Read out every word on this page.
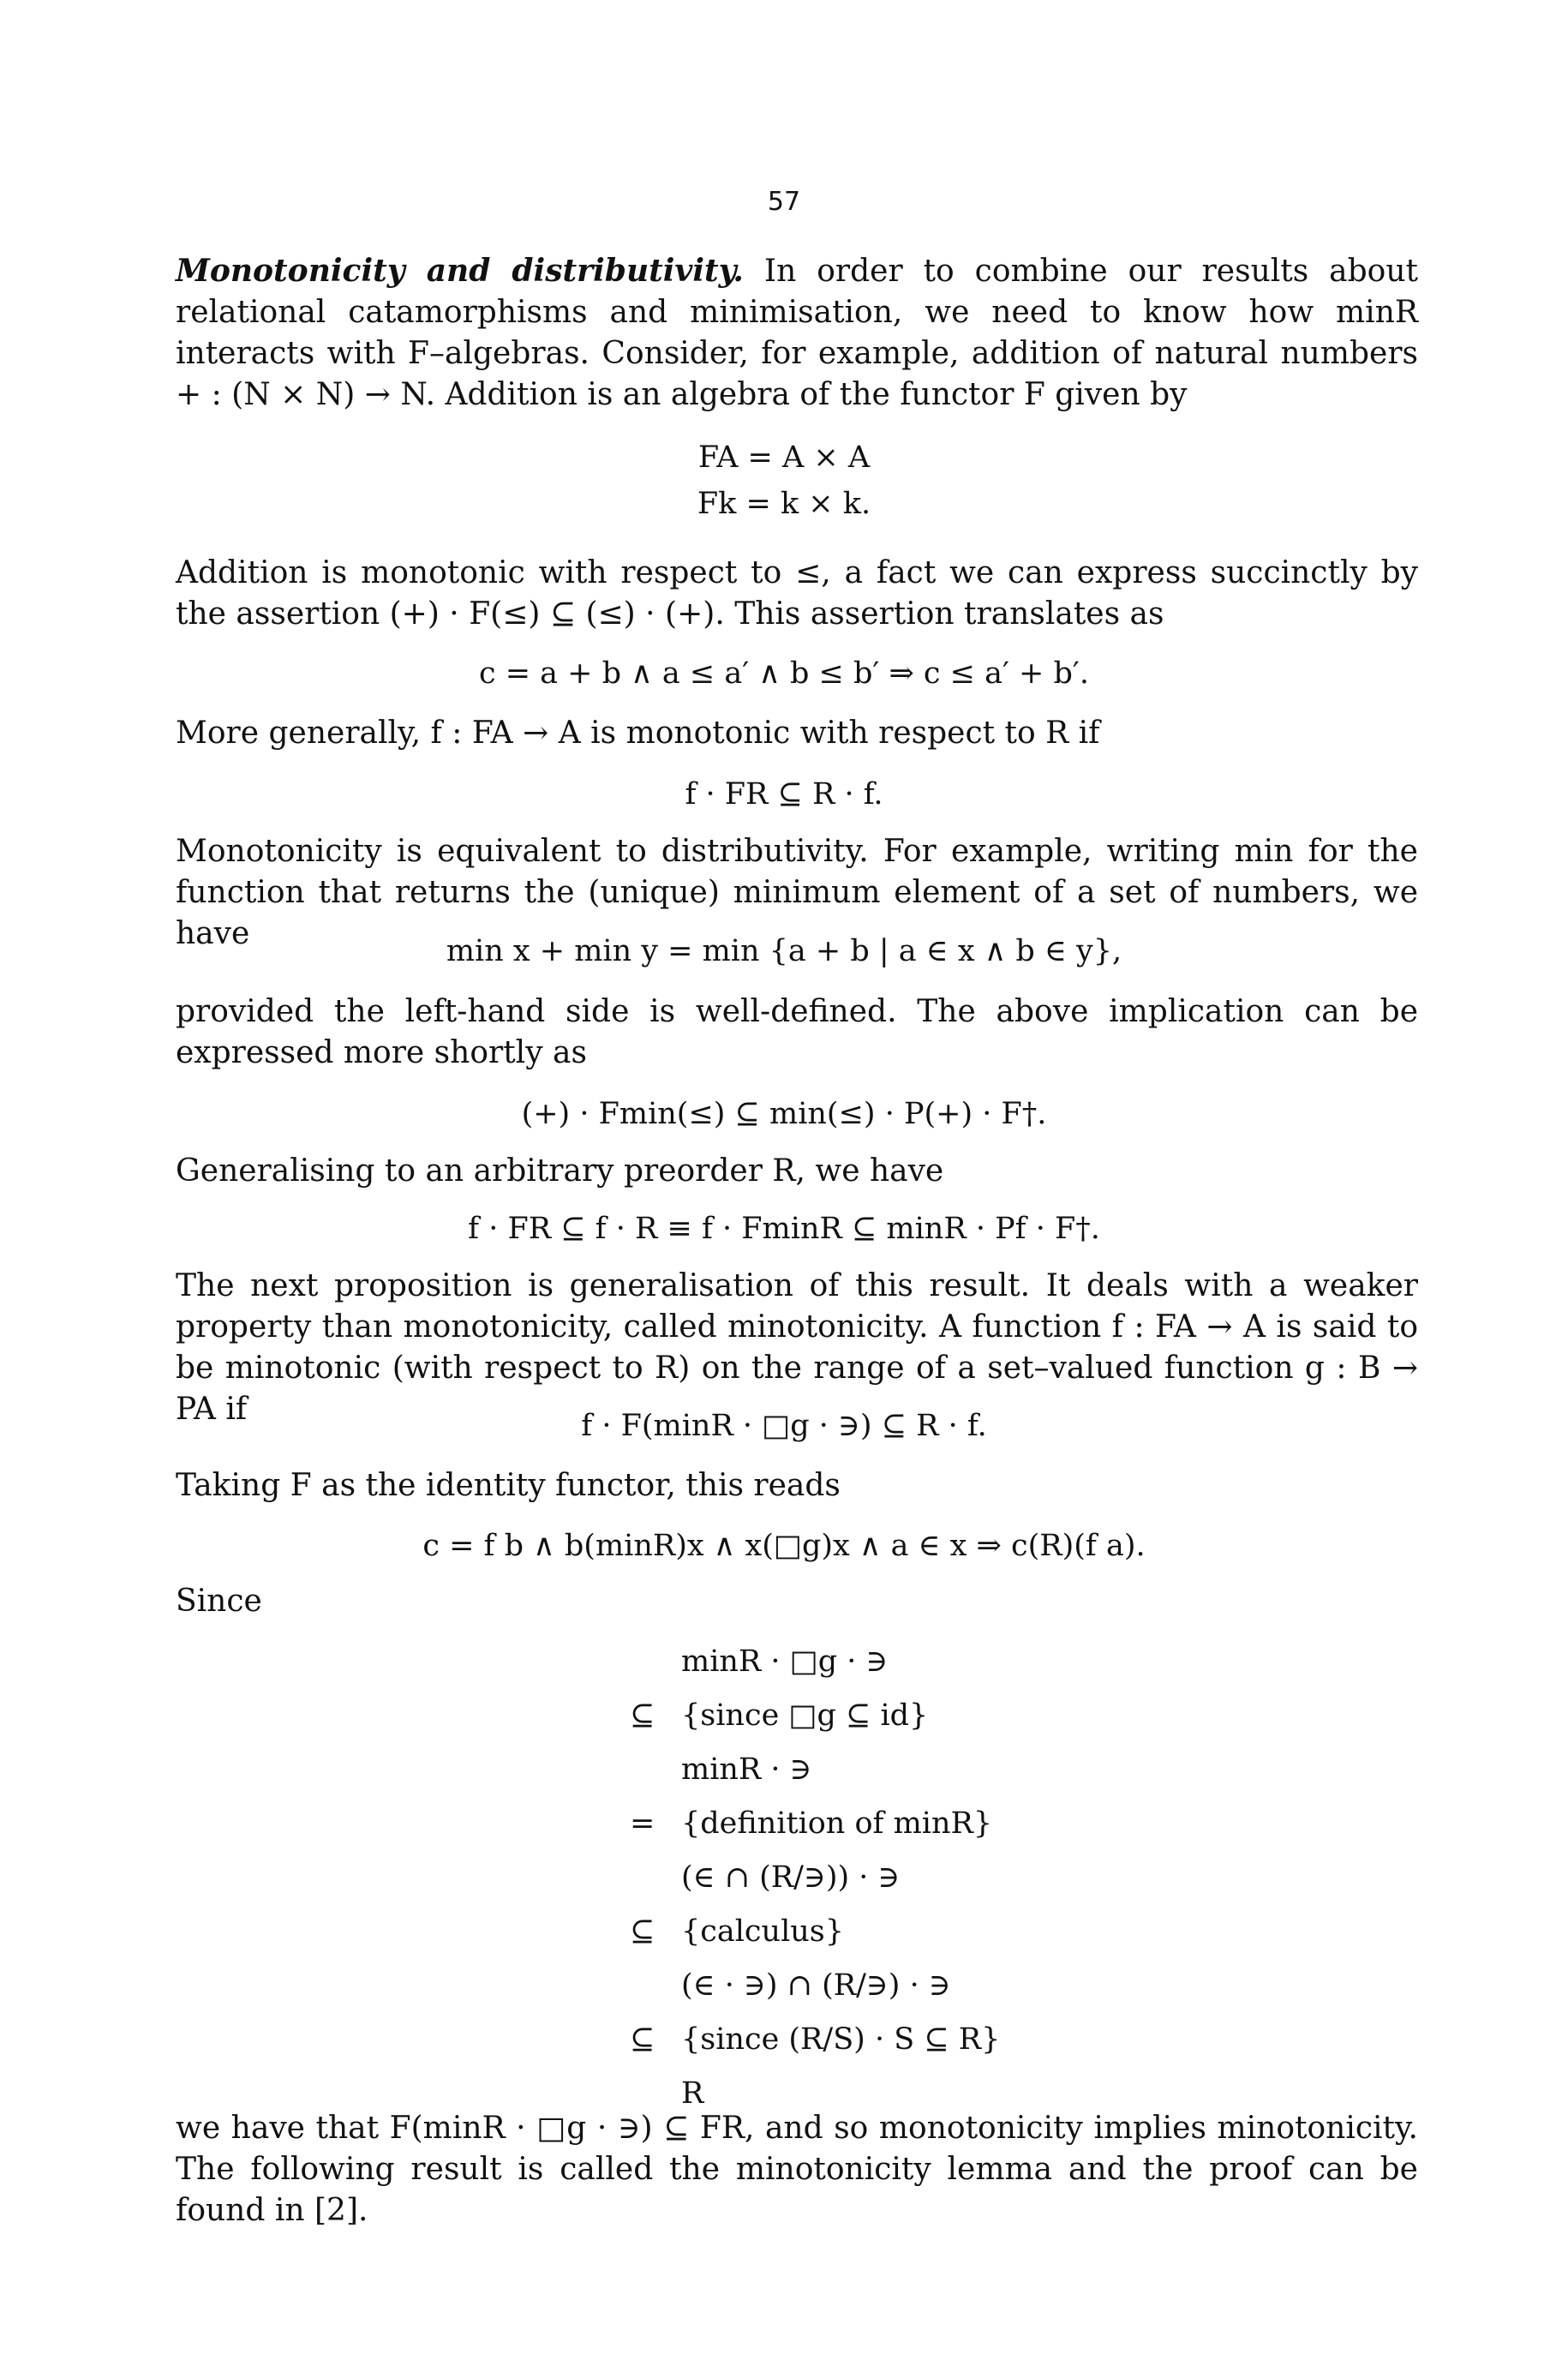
57
Monotonicity and distributivity. In order to combine our results about relational catamorphisms and minimisation, we need to know how minR interacts with F–algebras. Consider, for example, addition of natural numbers + : (N × N) → N. Addition is an algebra of the functor F given by
FA = A × A
Fk = k × k.
Addition is monotonic with respect to ≤, a fact we can express succinctly by the assertion (+) · F(≤) ⊆ (≤) · (+). This assertion translates as
c = a + b ∧ a ≤ a′ ∧ b ≤ b′ ⇒ c ≤ a′ + b′.
More generally, f : FA → A is monotonic with respect to R if
f · FR ⊆ R · f.
Monotonicity is equivalent to distributivity. For example, writing min for the function that returns the (unique) minimum element of a set of numbers, we have	min x + min y = min {a + b | a ∈ x ∧ b ∈ y},
provided the left-hand side is well-defined. The above implication can be expressed more shortly as
(+) · Fmin(≤) ⊆ min(≤) · P(+) · F†.
Generalising to an arbitrary preorder R, we have
f · FR ⊆ f · R ≡ f · FminR ⊆ minR · Pf · F†.
The next proposition is generalisation of this result. It deals with a weaker property than monotonicity, called minotonicity. A function f : FA → A is said to be minotonic (with respect to R) on the range of a set–valued function g : B → PA if	f · F(minR · □g · ∋) ⊆ R · f.
Taking F as the identity functor, this reads
c = f b ∧ b(minR)x ∧ x(□g)x ∧ a ∈ x ⇒ c(R)(f a).
Since
minR · □g · ∋
⊆ {since □g ⊆ id}
minR · ∋
= {definition of minR}
(∈ ∩ (R/∋)) · ∋
⊆ {calculus}
(∈ · ∋) ∩ (R/∋) · ∋
⊆ {since (R/S) · S ⊆ R}
R
we have that F(minR · □g · ∋) ⊆ FR, and so monotonicity implies minotonicity. The following result is called the minotonicity lemma and the proof can be found in [2].
